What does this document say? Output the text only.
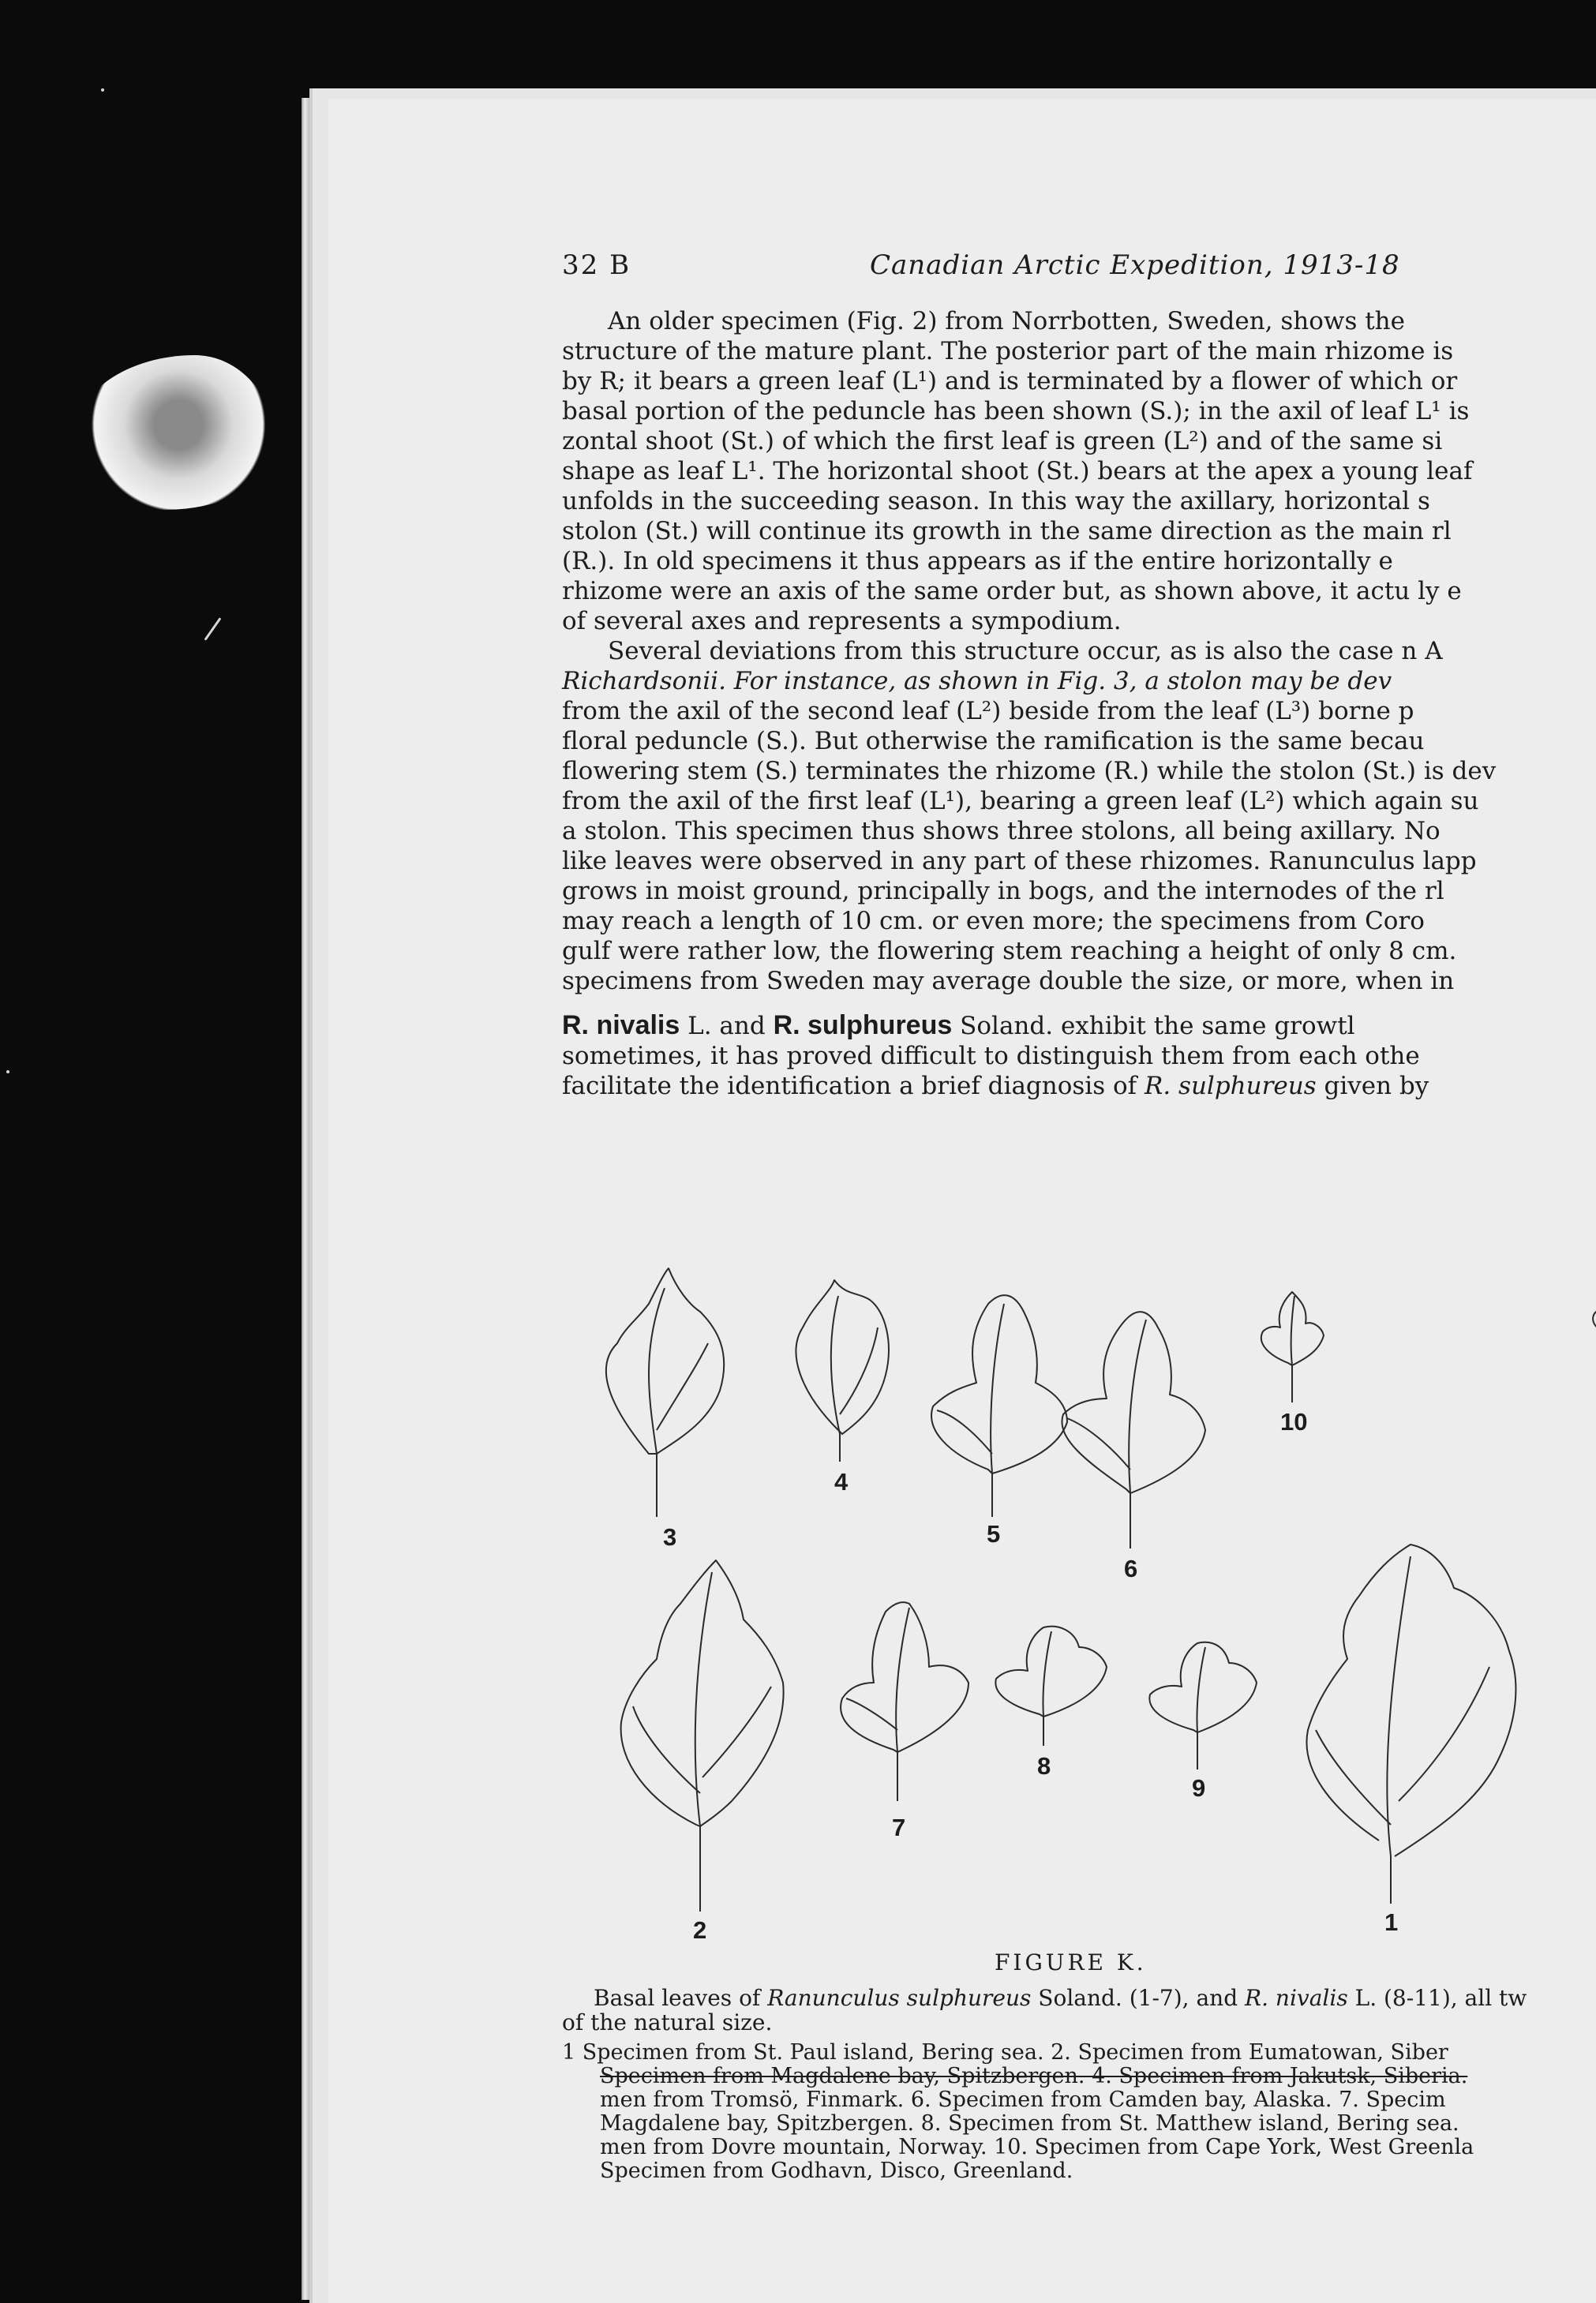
32 B	Canadian Arctic Expedition, 1913-18

An older specimen (Fig. 2) from Norrbotten, Sweden, shows the

structure of the mature plant. The posterior part of the main rhizome is

by R; it bears a green leaf (L¹) and is terminated by a flower of which or

basal portion of the peduncle has been shown (S.); in the axil of leaf L¹ is

zontal shoot (St.) of which the first leaf is green (L²) and of the same si

shape as leaf L¹. The horizontal shoot (St.) bears at the apex a young leaf

unfolds in the succeeding season. In this way the axillary, horizontal s

stolon (St.) will continue its growth in the same direction as the main rl

(R.). In old specimens it thus appears as if the entire horizontally e

rhizome were an axis of the same order but, as shown above, it actu ly e

of several axes and represents a sympodium.

Several deviations from this structure occur, as is also the case n A

Richardsonii. For instance, as shown in Fig. 3, a stolon may be dev

from the axil of the second leaf (L²) beside from the leaf (L³) borne p

floral peduncle (S.). But otherwise the ramification is the same becau

flowering stem (S.) terminates the rhizome (R.) while the stolon (St.) is dev

from the axil of the first leaf (L¹), bearing a green leaf (L²) which again su

a stolon. This specimen thus shows three stolons, all being axillary. No

like leaves were observed in any part of these rhizomes. Ranunculus lapp

grows in moist ground, principally in bogs, and the internodes of the rl

may reach a length of 10 cm. or even more; the specimens from Coro

gulf were rather low, the flowering stem reaching a height of only 8 cm.

specimens from Sweden may average double the size, or more, when in

R. nivalis L. and R. sulphureus Soland. exhibit the same growtl

sometimes, it has proved difficult to distinguish them from each othe

facilitate the identification a brief diagnosis of R. sulphureus given by

3
4
5
6
10
2
7
8
9
1
FIGURE K.
Basal leaves of Ranunculus sulphureus Soland. (1-7), and R. nivalis L. (8-11), all tw
of the natural size.

1 Specimen from St. Paul island, Bering sea. 2. Specimen from Eumatowan, Siber

Specimen from Magdalene bay, Spitzbergen. 4. Specimen from Jakutsk, Siberia.

men from Tromsö, Finmark. 6. Specimen from Camden bay, Alaska. 7. Specim

Magdalene bay, Spitzbergen. 8. Specimen from St. Matthew island, Bering sea.

men from Dovre mountain, Norway. 10. Specimen from Cape York, West Greenla

Specimen from Godhavn, Disco, Greenland.
